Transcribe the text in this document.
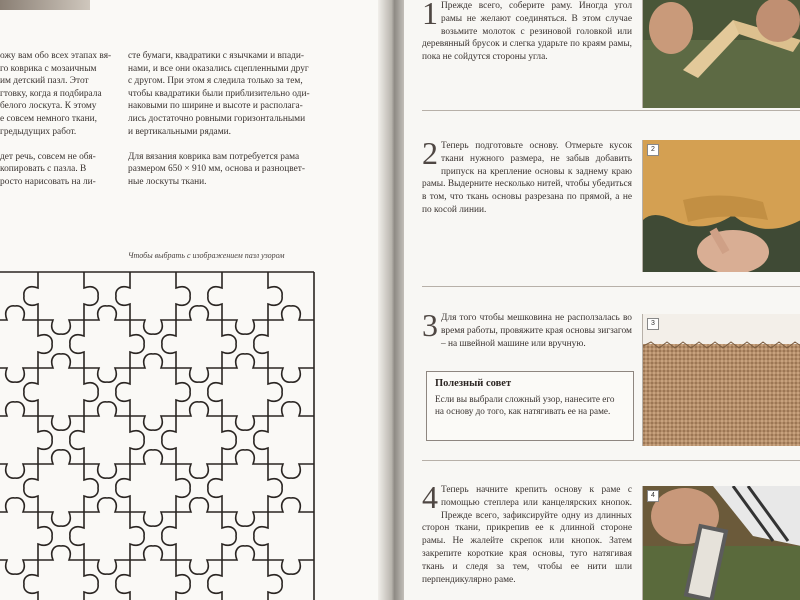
ожу вам обо всех этапах вя-
го коврика с мозаичным
им детский пазл. Этот
гтовку, когда я подбирала
белого лоскута. К этому
е совсем немного ткани,
гредыдущих работ.

дет речь, совсем не обя-
копировать с пазла. В
росто нарисовать на ли-
сте бумаги, квадратики с язычками и впади-
нами, и все они оказались сцепленными друг
с другом. При этом я следила только за тем,
чтобы квадратики были приблизительно оди-
наковыми по ширине и высоте и располага-
лись достаточно ровными горизонтальными
и вертикальными рядами.

Для вязания коврика вам потребуется рама
размером 650 × 910 мм, основа и разноцвет-
ные лоскуты ткани.
Чтобы выбрать с изображением пазл узором
1 Прежде всего, соберите раму. Иногда угол рамы не желают соединяться. В этом случае возьмите молоток с резиновой головкой или деревянный брусок и слегка ударьте по краям рамы, пока не сойдутся стороны угла.

2 Теперь подготовьте основу. Отмерьте кусок ткани нужного размера, не забыв добавить припуск на крепление основы к заднему краю рамы. Выдерните несколько нитей, чтобы убедиться в том, что ткань основы разрезана по прямой, а не по косой линии.

3 Для того чтобы мешковина не расползалась во время работы, провяжите края основы зигзагом – на швейной машине или вручную.

Полезный совет

Если вы выбрали сложный узор, нанесите его на основу до того, как натягивать ее на раме.

4 Теперь начните крепить основу к раме с помощью степлера или канцелярских кнопок. Прежде всего, зафиксируйте одну из длинных сторон ткани, прикрепив ее к длинной стороне рамы. Не жалейте скрепок или кнопок. Затем закрепите короткие края основы, туго натягивая ткань и следя за тем, чтобы ее нити шли перпендикулярно раме.

2
3
4
